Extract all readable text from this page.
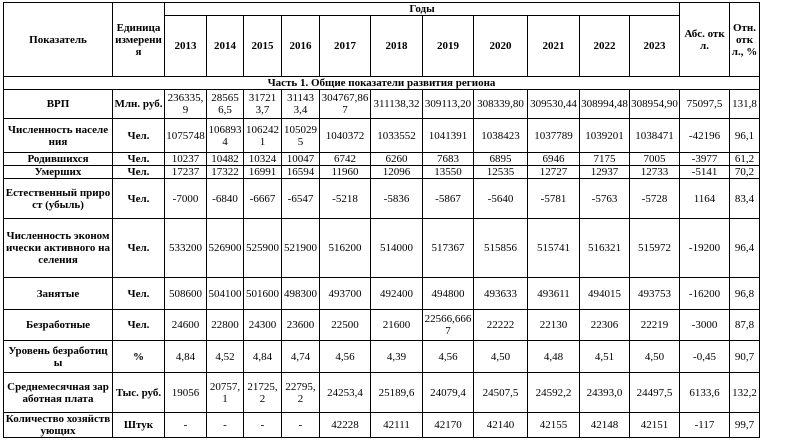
Показатель	Единица измерения	Годы											Абс. откл.	Отн. откл., %
		2013	2014	2015	2016	2017	2018	2019	2020	2021	2022	2023		
Часть 1. Общие показатели развития региона														
ВРП	Млн. руб.	236335,9	285656,5	317213,7	311433,4	304767,867	311138,32	309113,20	308339,80	309530,44	308994,48	308954,90	75097,5	131,8
Численность населения	Чел.	1075748	1068934	1062421	1050295	1040372	1033552	1041391	1038423	1037789	1039201	1038471	-42196	96,1
Родивших​ся	Чел.	10237	10482	10324	10047	6742	6260	7683	6895	6946	7175	7005	-3977	61,2
Умерших	Чел.	17237	17322	16991	16594	11960	12096	13550	12535	12727	12937	12733	-5141	70,2
Естественный прирост (убыль)	Чел.	-7000	-6840	-6667	-6547	-5218	-5836	-5867	-5640	-5781	-5763	-5728	1164	83,4
Численность экономически активного населения	Чел.	533200	526900	525900	521900	516200	514000	517367	515856	515741	516321	515972	-19200	96,4
Занятые	Чел.	508600	504100	501600	498300	493700	492400	494800	493633	493611	494015	493753	-16200	96,8
Безработные	Чел.	24600	22800	24300	23600	22500	21600	22566,6667	22222	22130	22306	22219	-3000	87,8
Уровень безработицы	%	4,84	4,52	4,84	4,74	4,56	4,39	4,56	4,50	4,48	4,51	4,50	-0,45	90,7
Среднемесячная заработная плата	Тыс. руб.	19056	20757,1	21725,2	22795,2	24253,4	25189,6	24079,4	24507,5	24592,2	24393,0	24497,5	6133,6	132,2
Количество хозяйствующих	Штук	-	-	-	-	42228	42111	42170	42140	42155	42148	42151	-117	99,7
